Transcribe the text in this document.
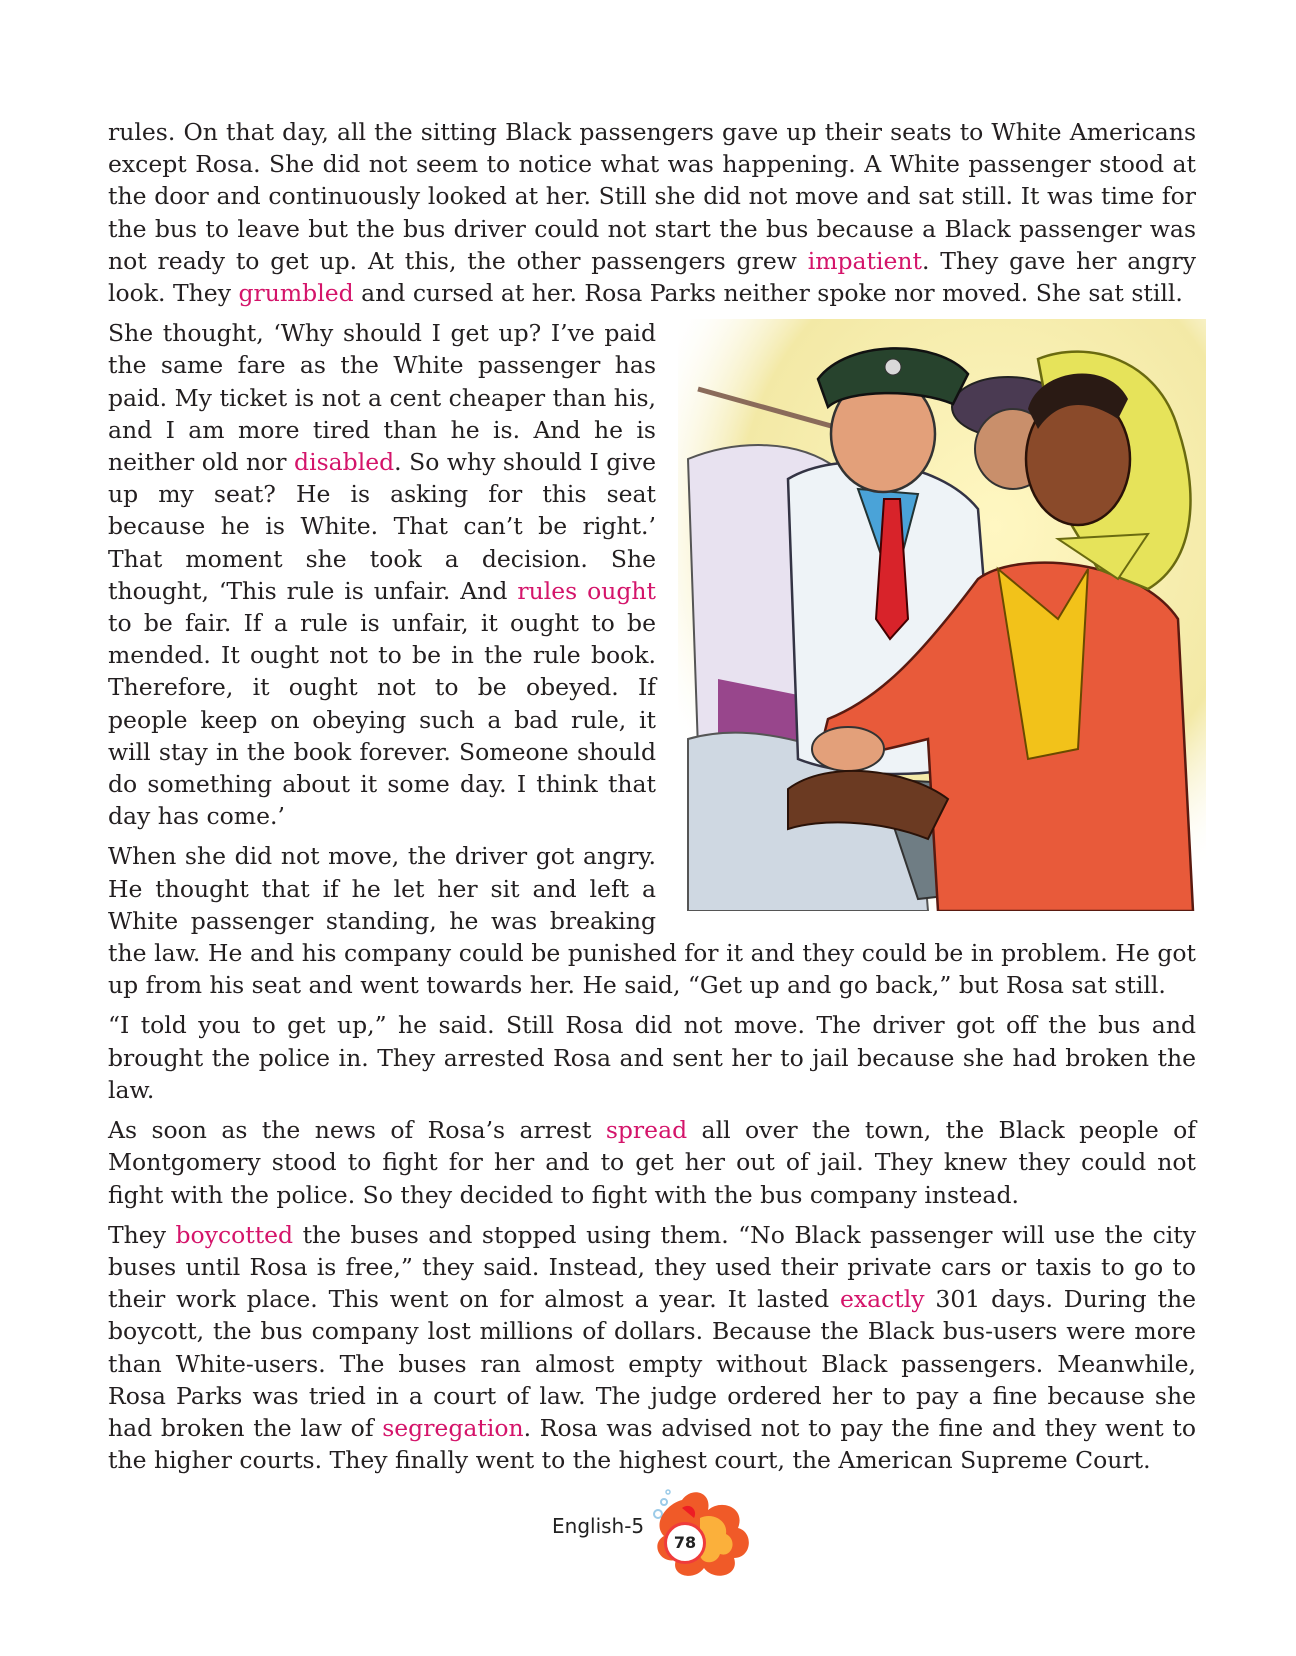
rules. On that day, all the sitting Black passengers gave up their seats to White Americans except Rosa. She did not seem to notice what was happening. A White passenger stood at the door and continuously looked at her. Still she did not move and sat still. It was time for the bus to leave but the bus driver could not start the bus because a Black passenger was not ready to get up. At this, the other passengers grew impatient. They gave her angry look. They grumbled and cursed at her. Rosa Parks neither spoke nor moved. She sat still.

She thought, ‘Why should I get up? I’ve paid the same fare as the White passenger has paid. My ticket is not a cent cheaper than his, and I am more tired than he is. And he is neither old nor disabled. So why should I give up my seat? He is asking for this seat because he is White. That can’t be right.’ That moment she took a decision. She thought, ‘This rule is unfair. And rules ought to be fair. If a rule is unfair, it ought to be mended. It ought not to be in the rule book. Therefore, it ought not to be obeyed. If people keep on obeying such a bad rule, it will stay in the book forever. Someone should do something about it some day. I think that day has come.’

When she did not move, the driver got angry. He thought that if he let her sit and left a White passenger standing, he was breaking the law. He and his company could be punished for it and they could be in problem. He got up from his seat and went towards her. He said, “Get up and go back,” but Rosa sat still.

“I told you to get up,” he said. Still Rosa did not move. The driver got off the bus and brought the police in. They arrested Rosa and sent her to jail because she had broken the law.

As soon as the news of Rosa’s arrest spread all over the town, the Black people of Montgomery stood to fight for her and to get her out of jail. They knew they could not fight with the police. So they decided to fight with the bus company instead.

They boycotted the buses and stopped using them. “No Black passenger will use the city buses until Rosa is free,” they said. Instead, they used their private cars or taxis to go to their work place. This went on for almost a year. It lasted exactly 301 days. During the boycott, the bus company lost millions of dollars. Because the Black bus-users were more than White-users. The buses ran almost empty without Black passengers. Meanwhile, Rosa Parks was tried in a court of law. The judge ordered her to pay a fine because she had broken the law of segregation. Rosa was advised not to pay the fine and they went to the higher courts. They finally went to the highest court, the American Supreme Court.

English-5
78
